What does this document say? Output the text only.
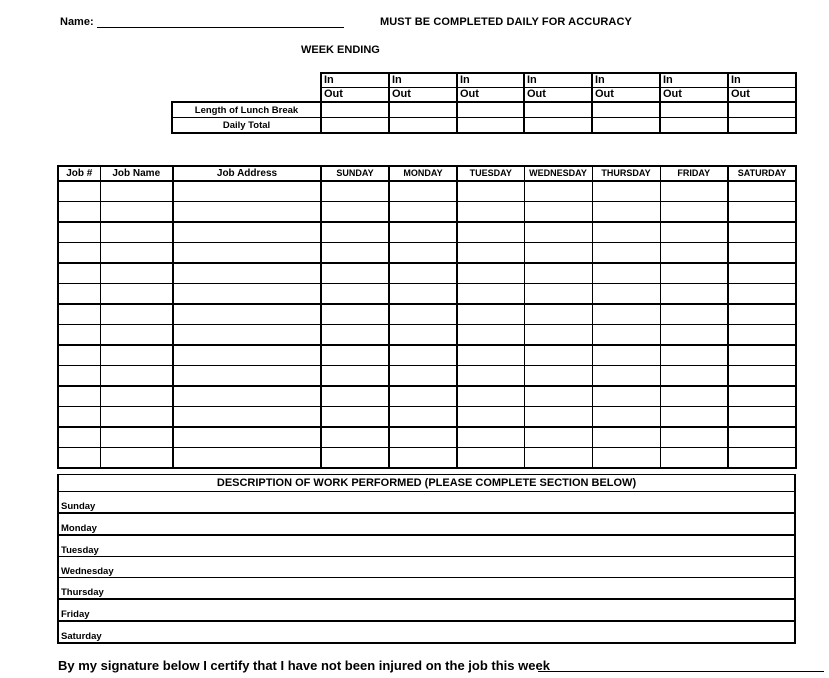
Name:	MUST BE COMPLETED DAILY FOR ACCURACY
WEEK ENDING
	In	In	In	In	In	In	In
	Out	Out	Out	Out	Out	Out	Out
Length of Lunch Break							
Daily Total							
Job #	Job Name	Job Address	SUNDAY	MONDAY	TUESDAY	WEDNESDAY	THURSDAY	FRIDAY	SATURDAY

DESCRIPTION OF WORK PERFORMED (PLEASE COMPLETE SECTION BELOW)
Sunday
Monday
Tuesday
Wednesday
Thursday
Friday
Saturday
By my signature below I certify that I have not been injured on the job this week
